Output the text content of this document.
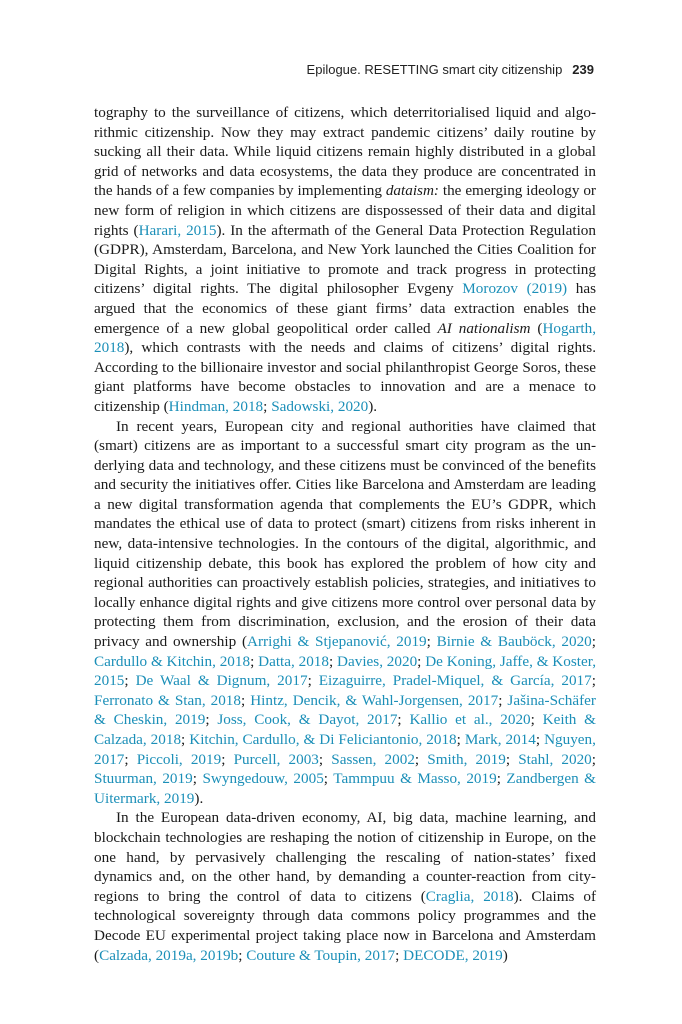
Epilogue. RESETTING smart city citizenship 239

tography to the surveillance of citizens, which deterritorialised liquid and algorithmic citizenship. Now they may extract pandemic citizens’ daily routine by sucking all their data. While liquid citizens remain highly distributed in a global grid of networks and data ecosystems, the data they produce are concentrated in the hands of a few companies by implementing dataism: the emerging ideology or new form of religion in which citizens are dispossessed of their data and digital rights (Harari, 2015). In the aftermath of the General Data Protection Regulation (GDPR), Amsterdam, Barcelona, and New York launched the Cities Coalition for Digital Rights, a joint initiative to promote and track progress in protecting citizens’ digital rights. The digital philosopher Evgeny Morozov (2019) has argued that the economics of these giant firms’ data extraction enables the emergence of a new global geopolitical order called AI nationalism (Hogarth, 2018), which contrasts with the needs and claims of citizens’ digital rights. According to the billionaire investor and social philanthropist George Soros, these giant platforms have become obstacles to innovation and are a menace to citizenship (Hindman, 2018; Sadowski, 2020).

In recent years, European city and regional authorities have claimed that (smart) citizens are as important to a successful smart city program as the underlying data and technology, and these citizens must be convinced of the benefits and security the initiatives offer. Cities like Barcelona and Amsterdam are leading a new digital transformation agenda that complements the EU’s GDPR, which mandates the ethical use of data to protect (smart) citizens from risks inherent in new, data-intensive technologies. In the contours of the digital, algorithmic, and liquid citizenship debate, this book has explored the problem of how city and regional authorities can proactively establish policies, strategies, and initiatives to locally enhance digital rights and give citizens more control over personal data by protecting them from discrimination, exclusion, and the erosion of their data privacy and ownership (Arrighi & Stjepanović, 2019; Birnie & Bauböck, 2020; Cardullo & Kitchin, 2018; Datta, 2018; Davies, 2020; De Koning, Jaffe, & Koster, 2015; De Waal & Dignum, 2017; Eizaguirre, Pradel-Miquel, & García, 2017; Ferronato & Stan, 2018; Hintz, Dencik, & Wahl-Jorgensen, 2017; Jašina-Schäfer & Cheskin, 2019; Joss, Cook, & Dayot, 2017; Kallio et al., 2020; Keith & Calzada, 2018; Kitchin, Cardullo, & Di Feliciantonio, 2018; Mark, 2014; Nguyen, 2017; Piccoli, 2019; Purcell, 2003; Sassen, 2002; Smith, 2019; Stahl, 2020; Stuurman, 2019; Swyngedouw, 2005; Tammpuu & Masso, 2019; Zandbergen & Uitermark, 2019).

In the European data-driven economy, AI, big data, machine learning, and blockchain technologies are reshaping the notion of citizenship in Europe, on the one hand, by pervasively challenging the rescaling of nation-states’ fixed dynamics and, on the other hand, by demanding a counter-reaction from city-regions to bring the control of data to citizens (Craglia, 2018). Claims of technological sovereignty through data commons policy programmes and the Decode EU experimental project taking place now in Barcelona and Amsterdam (Calzada, 2019a, 2019b; Couture & Toupin, 2017; DECODE, 2019)
